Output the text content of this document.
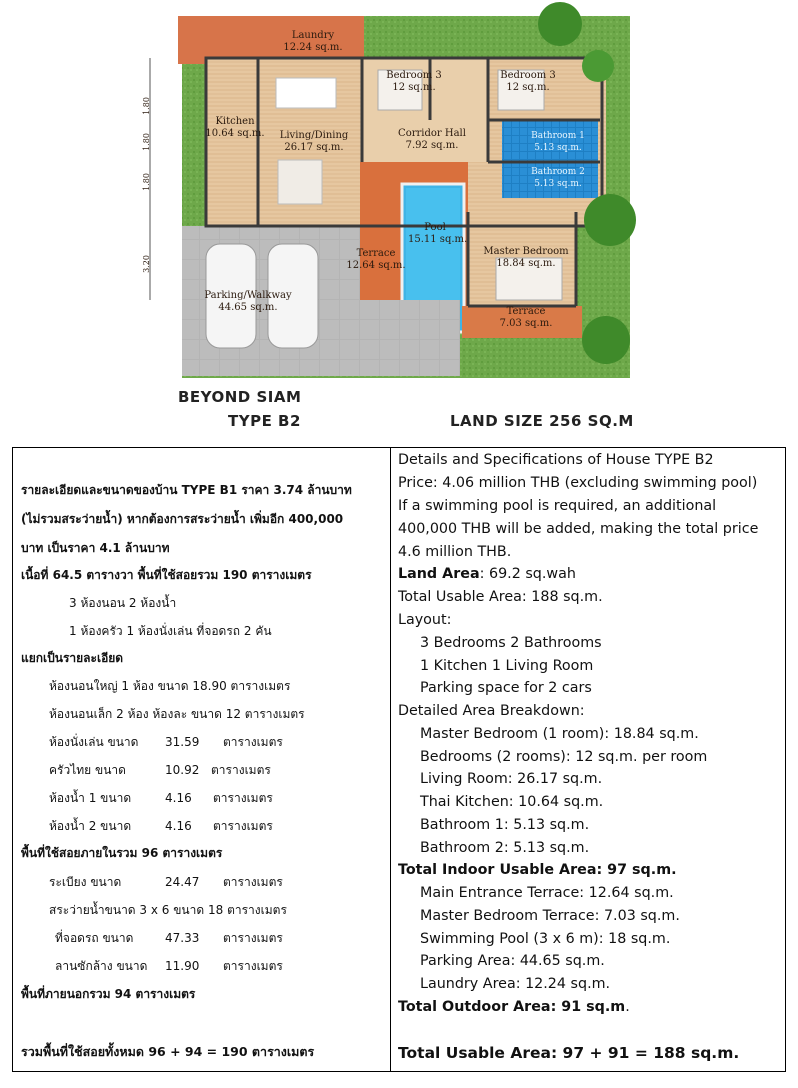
1.80
1.80
1.80
3.20
Laundry
12.24 sq.m.
Kitchen
10.64 sq.m.	Living/Dining
26.17 sq.m.
Bedroom 3
12 sq.m.
Bedroom 3
12 sq.m.
Corridor Hall
7.92 sq.m.
Bathroom 1
5.13 sq.m.
Bathroom 2
5.13 sq.m.
Pool
15.11 sq.m.
Terrace
12.64 sq.m.
Master Bedroom
18.84 sq.m.
Parking/Walkway
44.65 sq.m.	Terrace
7.03 sq.m.
BEYOND SIAM
TYPE B2	LAND SIZE 256 SQ.M
รายละเอียดและขนาดของบ้าน TYPE B1 ราคา 3.74 ล้านบาท
(ไม่รวมสระว่ายน้ำ) หากต้องการสระว่ายน้ำ เพิ่มอีก 400,000
บาท เป็นราคา 4.1 ล้านบาท
เนื้อที่ 64.5 ตารางวา พื้นที่ใช้สอยรวม 190 ตารางเมตร
3 ห้องนอน 2 ห้องน้ำ
1 ห้องครัว 1 ห้องนั่งเล่น ที่จอดรถ 2 คัน
แยกเป็นรายละเอียด
ห้องนอนใหญ่ 1 ห้อง ขนาด 18.90 ตารางเมตร
ห้องนอนเล็ก 2 ห้อง ห้องละ ขนาด 12 ตารางเมตร
ห้องนั่งเล่น ขนาด 31.59 ตารางเมตร
ครัวไทย ขนาด	10.92 ตารางเมตร
ห้องน้ำ 1 ขนาด	4.16 ตารางเมตร
ห้องน้ำ 2 ขนาด	4.16 ตารางเมตร
พื้นที่ใช้สอยภายในรวม 96 ตารางเมตร
ระเบียง ขนาด	24.47 ตารางเมตร
สระว่ายน้ำขนาด 3 x 6 ขนาด 18 ตารางเมตร
ที่จอดรถ ขนาด	47.33 ตารางเมตร
ลานซักล้าง ขนาด 11.90 ตารางเมตร
พื้นที่ภายนอกรวม 94 ตารางเมตร
รวมพื้นที่ใช้สอยทั้งหมด 96 + 94 = 190 ตารางเมตร
Details and Specifications of House TYPE B2
Price: 4.06 million THB (excluding swimming pool)
If a swimming pool is required, an additional
400,000 THB will be added, making the total price
4.6 million THB.
Land Area: 69.2 sq.wah
Total Usable Area: 188 sq.m.
Layout:
3 Bedrooms 2 Bathrooms
1 Kitchen 1 Living Room
Parking space for 2 cars
Detailed Area Breakdown:
Master Bedroom (1 room): 18.84 sq.m.
Bedrooms (2 rooms): 12 sq.m. per room
Living Room: 26.17 sq.m.
Thai Kitchen: 10.64 sq.m.
Bathroom 1: 5.13 sq.m.
Bathroom 2: 5.13 sq.m.
Total Indoor Usable Area: 97 sq.m.
Main Entrance Terrace: 12.64 sq.m.
Master Bedroom Terrace: 7.03 sq.m.
Swimming Pool (3 x 6 m): 18 sq.m.
Parking Area: 44.65 sq.m.
Laundry Area: 12.24 sq.m.
Total Outdoor Area: 91 sq.m.
Total Usable Area: 97 + 91 = 188 sq.m.
